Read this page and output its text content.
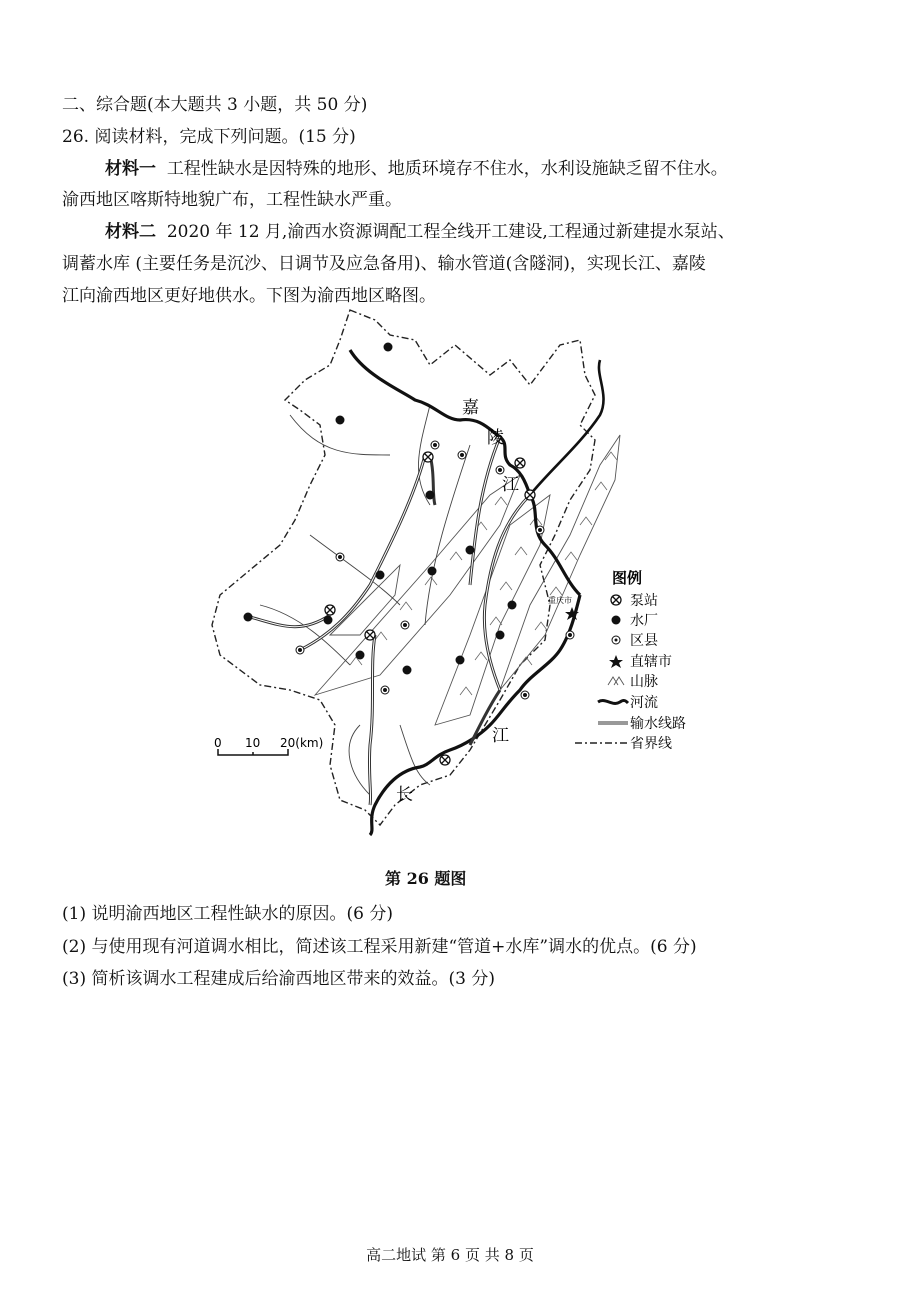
二、综合题(本大题共 3 小题，共 50 分)
26. 阅读材料，完成下列问题。(15 分)
材料一 工程性缺水是因特殊的地形、地质环境存不住水，水利设施缺乏留不住水。
渝西地区喀斯特地貌广布，工程性缺水严重。
材料二 2020 年 12 月,渝西水资源调配工程全线开工建设,工程通过新建提水泵站、
调蓄水库 (主要任务是沉沙、日调节及应急备用)、输水管道(含隧洞)，实现长江、嘉陵
江向渝西地区更好地供水。下图为渝西地区略图。
嘉
陵
江
江
长
重庆市
0 10 20(km)
图例
泵站
水厂
区县
直辖市
山脉
河流
输水线路
省界线
第 26 题图
(1) 说明渝西地区工程性缺水的原因。(6 分)
(2) 与使用现有河道调水相比，简述该工程采用新建“管道+水库”调水的优点。(6 分)
(3) 简析该调水工程建成后给渝西地区带来的效益。(3 分)
高二地试 第 6 页 共 8 页
